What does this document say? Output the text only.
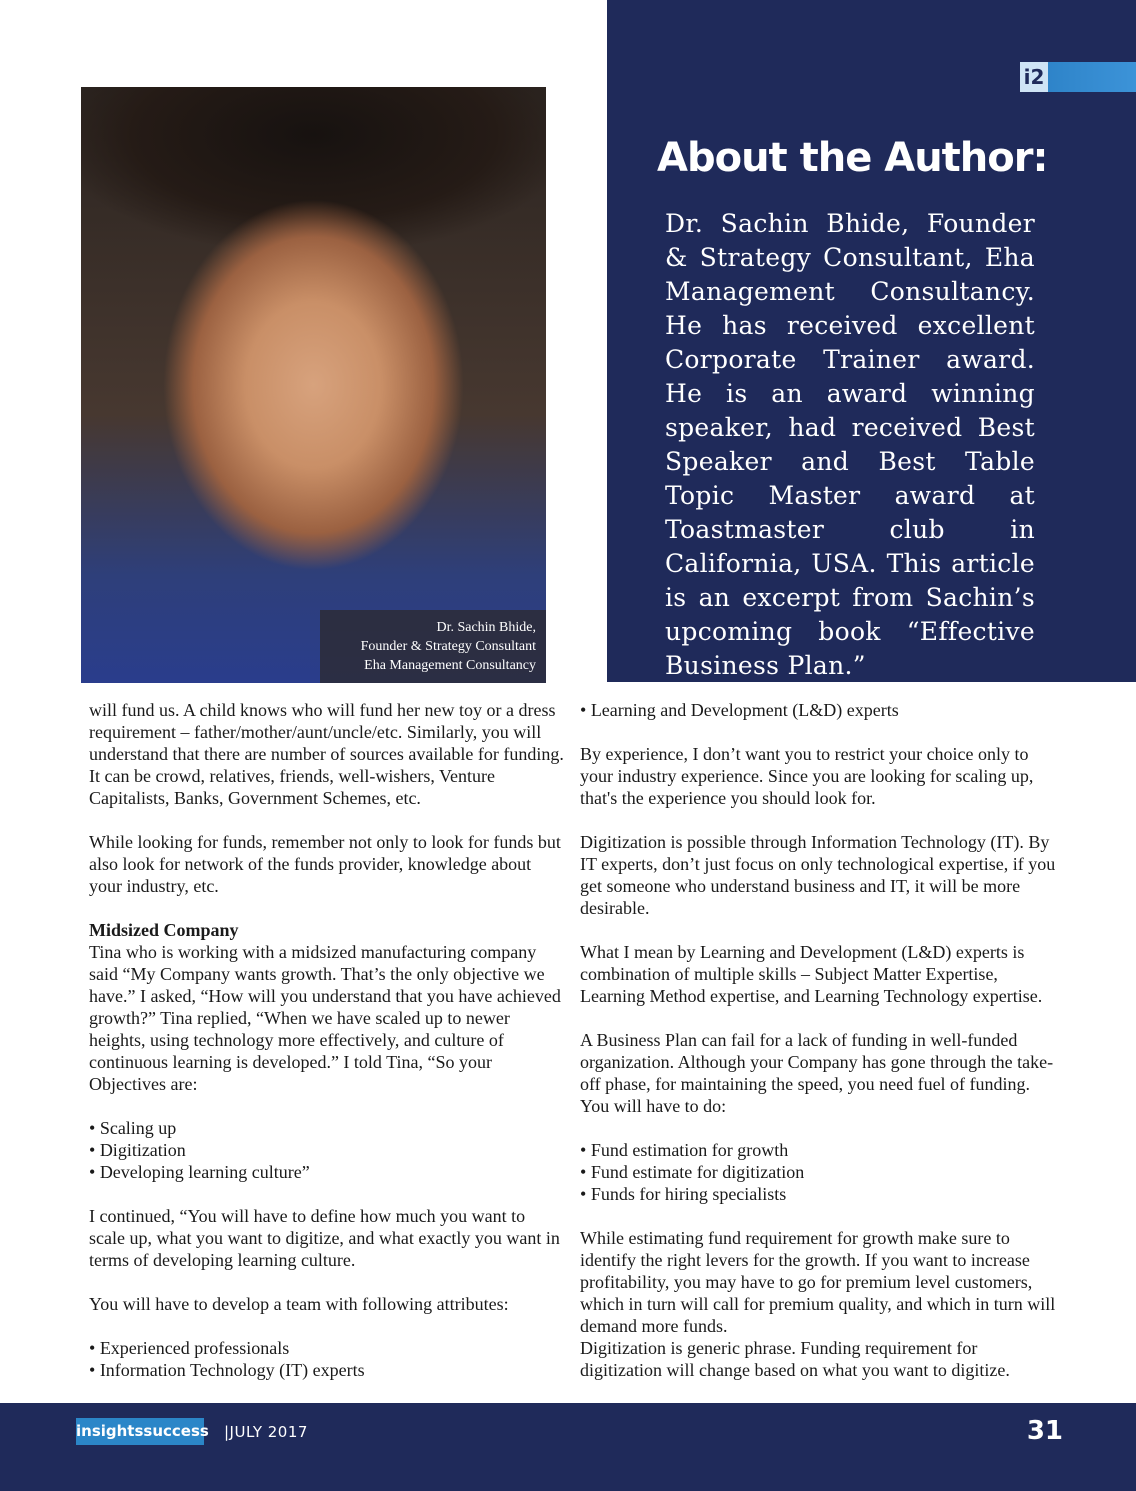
i2
About the Author:

Dr. Sachin Bhide, Founder & Strategy Consultant, Eha Management Consultancy. He has received excellent Corporate Trainer award. He is an award winning speaker, had received Best Speaker and Best Table Topic Master award at Toastmaster club in California, USA. This article is an excerpt from Sachin’s upcoming book “Effective Business Plan.”

Dr. Sachin Bhide,
Founder & Strategy Consultant
Eha Management Consultancy

will fund us. A child knows who will fund her new toy or a dress requirement – father/mother/aunt/uncle/etc. Similarly, you will understand that there are number of sources available for funding. It can be crowd, relatives, friends, well-wishers, Venture Capitalists, Banks, Government Schemes, etc.

While looking for funds, remember not only to look for funds but also look for network of the funds provider, knowledge about your industry, etc.

Midsized Company

Tina who is working with a midsized manufacturing company said “My Company wants growth. That’s the only objective we have.” I asked, “How will you understand that you have achieved growth?” Tina replied, “When we have scaled up to newer heights, using technology more effectively, and culture of continuous learning is developed.” I told Tina, “So your Objectives are:

• Scaling up
• Digitization
• Developing learning culture”

I continued, “You will have to define how much you want to scale up, what you want to digitize, and what exactly you want in terms of developing learning culture.

You will have to develop a team with following attributes:

• Experienced professionals
• Information Technology (IT) experts
• Learning and Development (L&D) experts

By experience, I don’t want you to restrict your choice only to your industry experience. Since you are looking for scaling up, that's the experience you should look for.

Digitization is possible through Information Technology (IT). By IT experts, don’t just focus on only technological expertise, if you get someone who understand business and IT, it will be more desirable.

What I mean by Learning and Development (L&D) experts is combination of multiple skills – Subject Matter Expertise, Learning Method expertise, and Learning Technology expertise.

A Business Plan can fail for a lack of funding in well-funded organization. Although your Company has gone through the take-off phase, for maintaining the speed, you need fuel of funding. You will have to do:

• Fund estimation for growth
• Fund estimate for digitization
• Funds for hiring specialists

While estimating fund requirement for growth make sure to identify the right levers for the growth. If you want to increase profitability, you may have to go for premium level customers, which in turn will call for premium quality, and which in turn will demand more funds.

Digitization is generic phrase. Funding requirement for digitization will change based on what you want to digitize.

insightssuccess |JULY 2017	31
